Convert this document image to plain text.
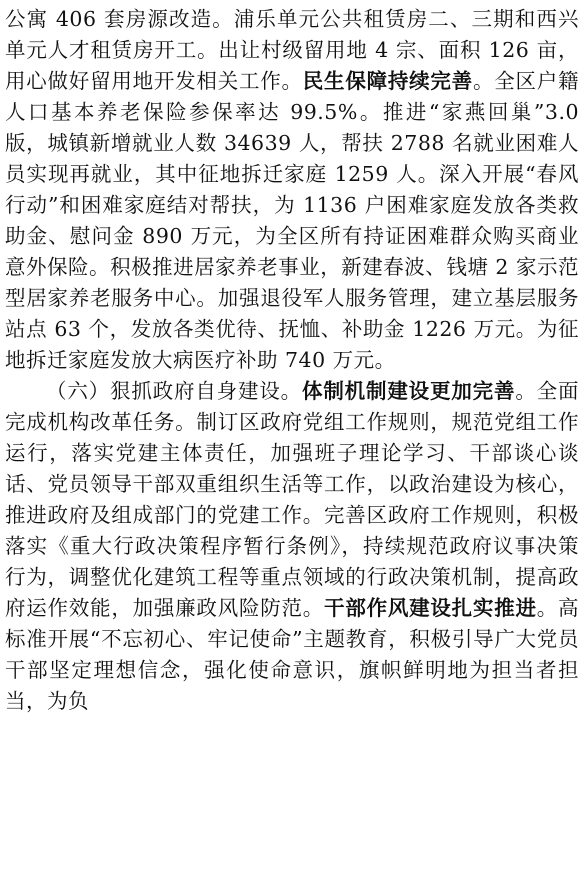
公寓 406 套房源改造。浦乐单元公共租赁房二、三期和西兴单元人才租赁房开工。出让村级留用地 4 宗、面积 126 亩，用心做好留用地开发相关工作。民生保障持续完善。全区户籍人口基本养老保险参保率达 99.5%。推进“家燕回巢”3.0 版，城镇新增就业人数 34639 人，帮扶 2788 名就业困难人员实现再就业，其中征地拆迁家庭 1259 人。深入开展“春风行动”和困难家庭结对帮扶，为 1136 户困难家庭发放各类救助金、慰问金 890 万元，为全区所有持证困难群众购买商业意外保险。积极推进居家养老事业，新建春波、钱塘 2 家示范型居家养老服务中心。加强退役军人服务管理，建立基层服务站点 63 个，发放各类优待、抚恤、补助金 1226 万元。为征地拆迁家庭发放大病医疗补助 740 万元。

（六）狠抓政府自身建设。体制机制建设更加完善。全面完成机构改革任务。制订区政府党组工作规则，规范党组工作运行，落实党建主体责任，加强班子理论学习、干部谈心谈话、党员领导干部双重组织生活等工作，以政治建设为核心，推进政府及组成部门的党建工作。完善区政府工作规则，积极落实《重大行政决策程序暂行条例》，持续规范政府议事决策行为，调整优化建筑工程等重点领域的行政决策机制，提高政府运作效能，加强廉政风险防范。干部作风建设扎实推进。高标准开展“不忘初心、牢记使命”主题教育，积极引导广大党员干部坚定理想信念，强化使命意识，旗帜鲜明地为担当者担当，为负
